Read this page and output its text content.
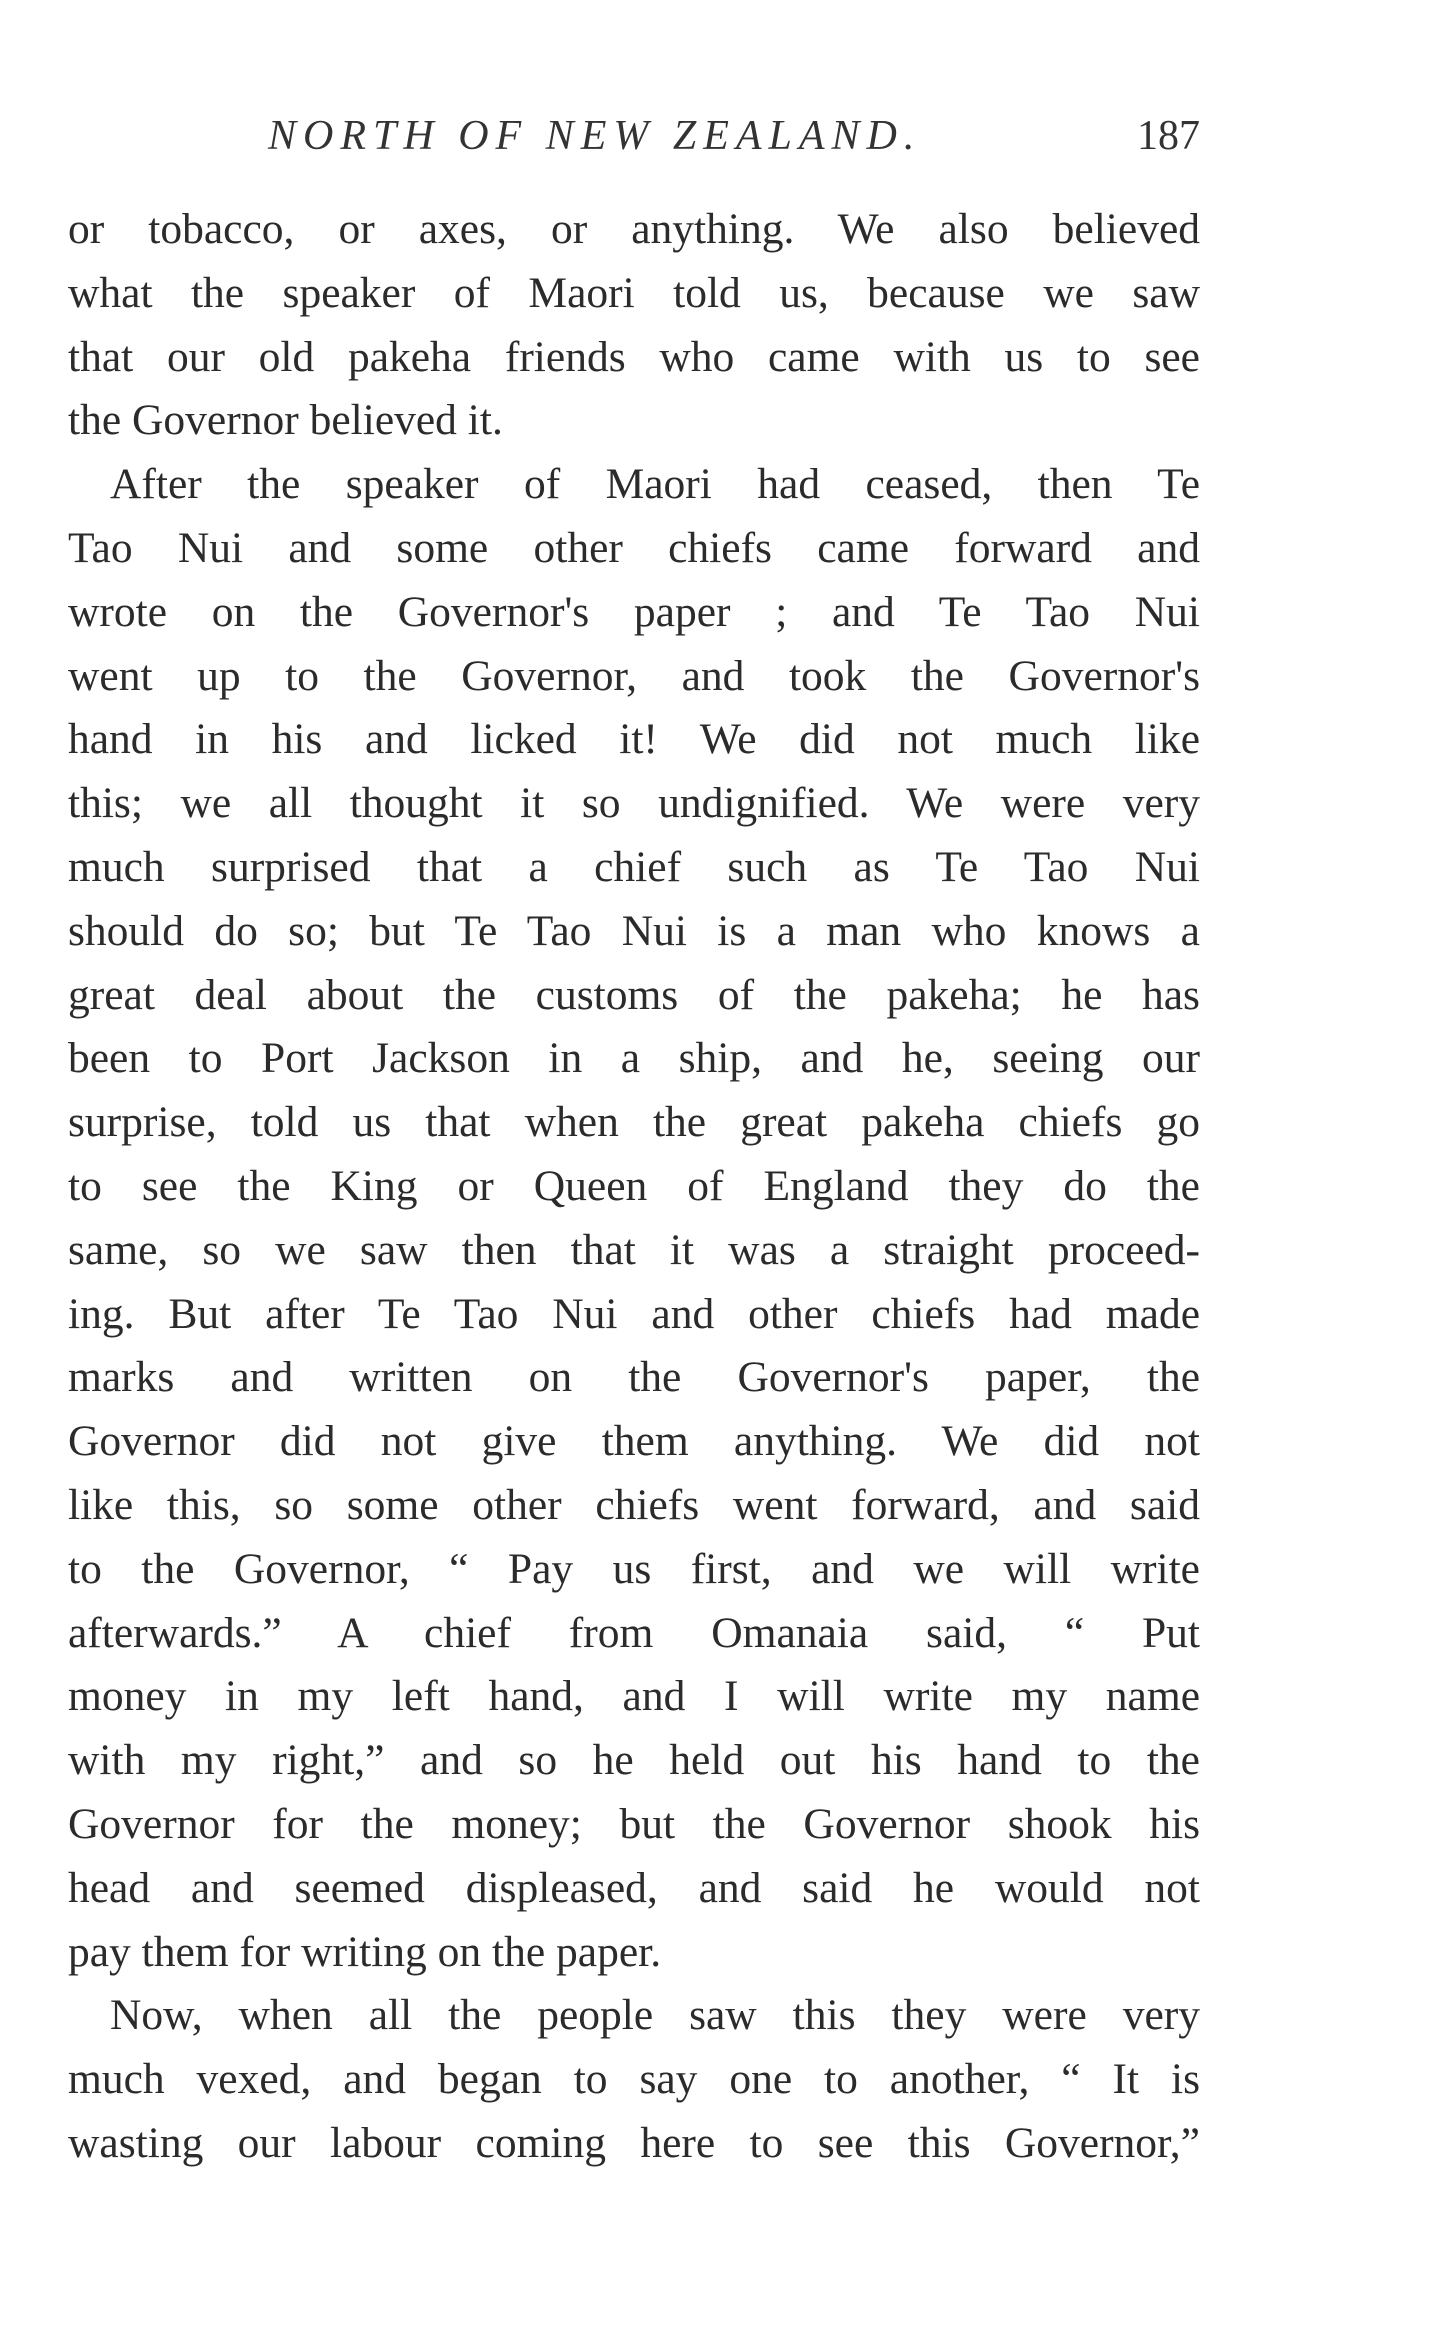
NORTH OF NEW ZEALAND.	187
or tobacco, or axes, or anything. We also believed
what the speaker of Maori told us, because we saw
that our old pakeha friends who came with us to see
the Governor believed it.
After the speaker of Maori had ceased, then Te
Tao Nui and some other chiefs came forward and
wrote on the Governor's paper ; and Te Tao Nui
went up to the Governor, and took the Governor's
hand in his and licked it! We did not much like
this; we all thought it so undignified. We were very
much surprised that a chief such as Te Tao Nui
should do so; but Te Tao Nui is a man who knows a
great deal about the customs of the pakeha; he has
been to Port Jackson in a ship, and he, seeing our
surprise, told us that when the great pakeha chiefs go
to see the King or Queen of England they do the
same, so we saw then that it was a straight proceed-
ing. But after Te Tao Nui and other chiefs had made
marks and written on the Governor's paper, the
Governor did not give them anything. We did not
like this, so some other chiefs went forward, and said
to the Governor, “ Pay us first, and we will write
afterwards.” A chief from Omanaia said, “ Put
money in my left hand, and I will write my name
with my right,” and so he held out his hand to the
Governor for the money; but the Governor shook his
head and seemed displeased, and said he would not
pay them for writing on the paper.
Now, when all the people saw this they were very
much vexed, and began to say one to another, “ It is
wasting our labour coming here to see this Governor,”
